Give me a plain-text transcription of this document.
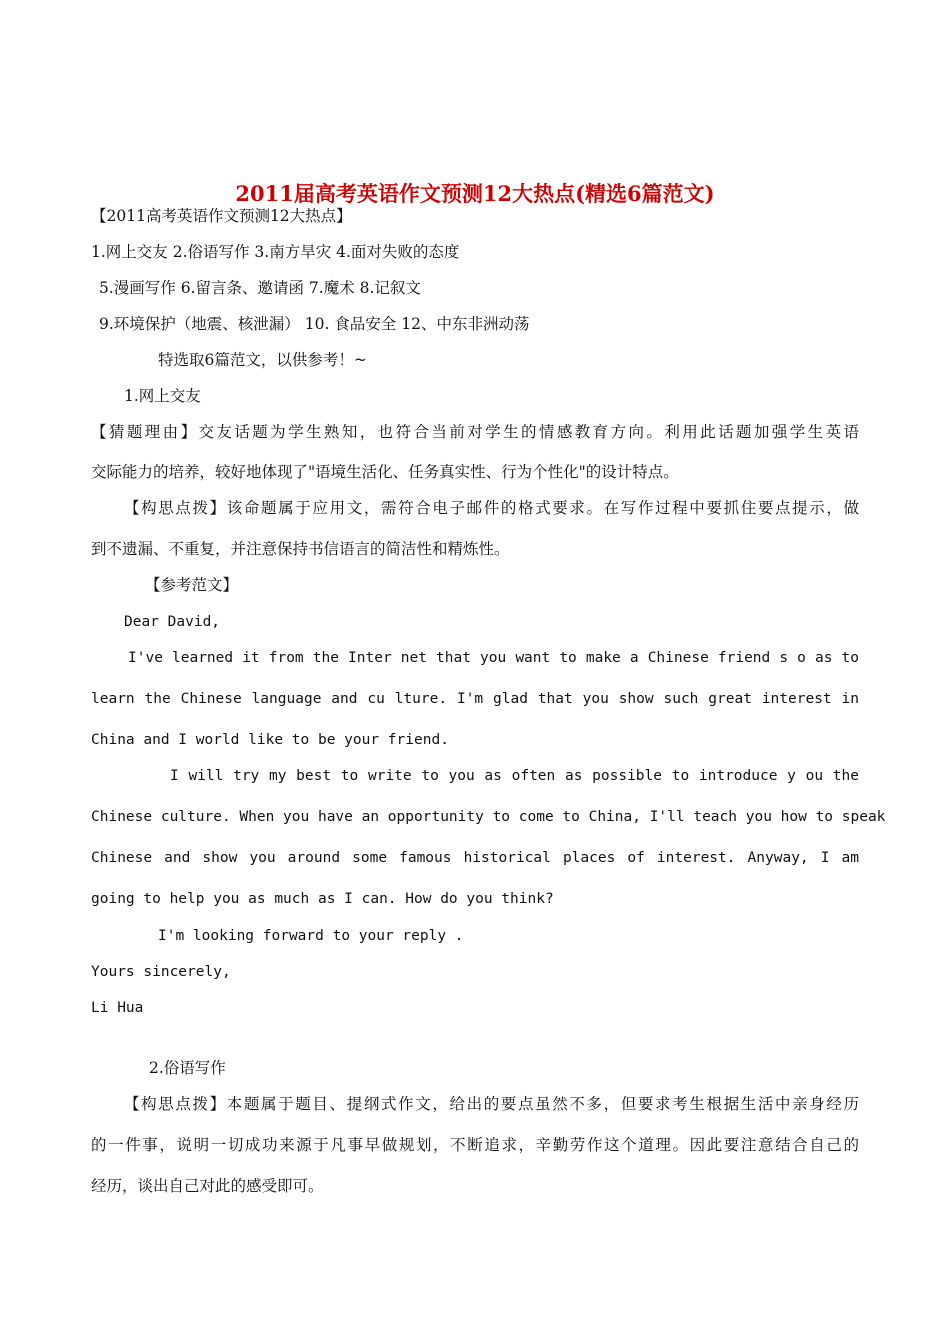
2011届高考英语作文预测12大热点(精选6篇范文)
【2011高考英语作文预测12大热点】
1.网上交友 2.俗语写作 3.南方旱灾 4.面对失败的态度
5.漫画写作 6.留言条、邀请函 7.魔术 8.记叙文
9.环境保护（地震、核泄漏） 10. 食品安全 12、中东非洲动荡
特选取6篇范文，以供参考！~
1.网上交友
【猜题理由】交友话题为学生熟知，也符合当前对学生的情感教育方向。利用此话题加强学生英语
交际能力的培养，较好地体现了"语境生活化、任务真实性、行为个性化"的设计特点。
【构思点拨】该命题属于应用文，需符合电子邮件的格式要求。在写作过程中要抓住要点提示，做
到不遗漏、不重复，并注意保持书信语言的简洁性和精炼性。
【参考范文】
Dear David,
I've learned it from the Inter net that you want to make a Chinese friend s o as to
learn the Chinese language and cu lture. I'm glad that you show such great interest in
China and I world like to be your friend.
I will try my best to write to you as often as possible to introduce y ou the
Chinese culture. When you have an opportunity to come to China, I'll teach you how to speak
Chinese and show you around some famous historical places of interest. Anyway, I am
going to help you as much as I can. How do you think?
I'm looking forward to your reply .
Yours sincerely,
Li Hua
2.俗语写作
【构思点拨】本题属于题目、提纲式作文，给出的要点虽然不多，但要求考生根据生活中亲身经历
的一件事，说明一切成功来源于凡事早做规划，不断追求，辛勤劳作这个道理。因此要注意结合自己的
经历，谈出自己对此的感受即可。
